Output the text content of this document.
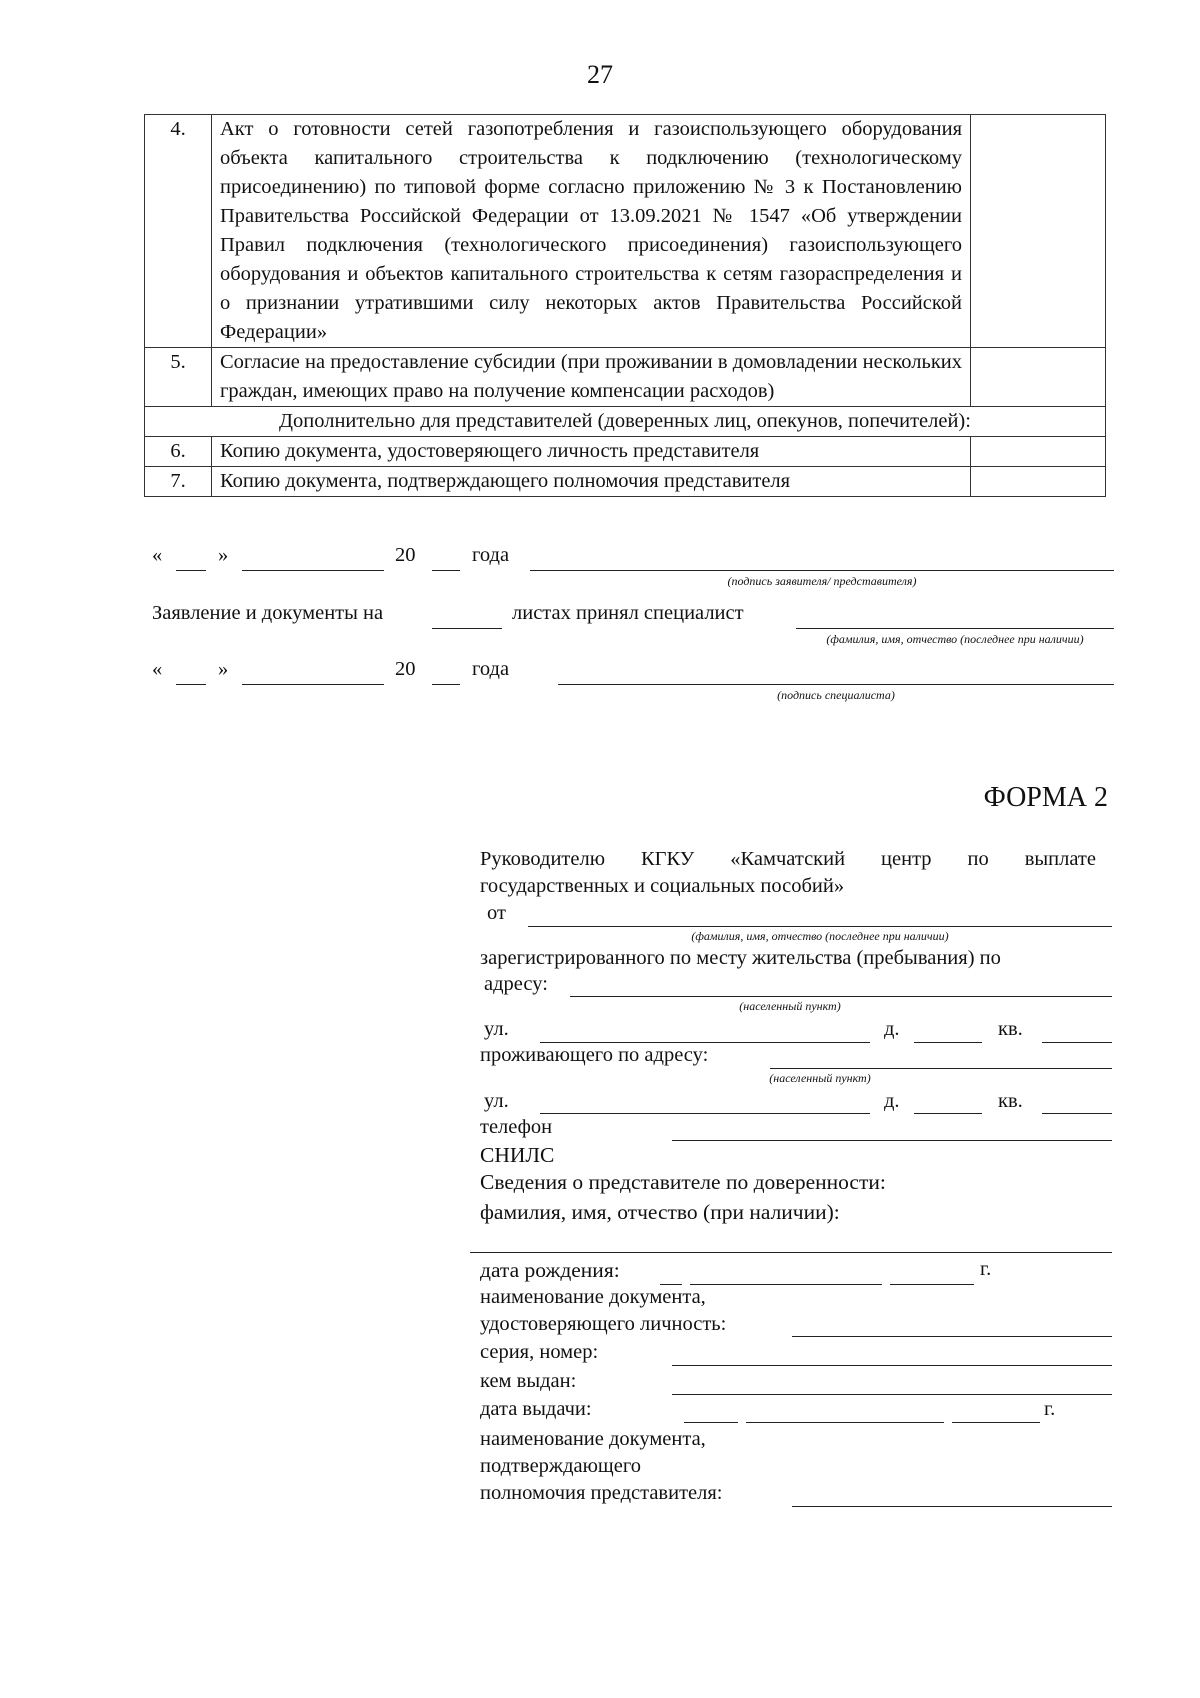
27
4.	Акт о готовности сетей газопотребления и газоиспользующего оборудования объекта капитального строительства к подключению (технологическому присоединению) по типовой форме согласно приложению № 3 к Постановлению Правительства Российской Федерации от 13.09.2021 № 1547 «Об утверждении Правил подключения (технологического присоединения) газоиспользующего оборудования и объектов капитального строительства к сетям газораспределения и о признании утратившими силу некоторых актов Правительства Российской Федерации»	
5.	Согласие на предоставление субсидии (при проживании в домовладении нескольких граждан, имеющих право на получение компенсации расходов)	
Дополнительно для представителей (доверенных лиц, опекунов, попечителей):		
6.	Копию документа, удостоверяющего личность представителя	
7.	Копию документа, подтверждающего полномочия представителя	
«	»	20	года
(подпись заявителя/ представителя)
Заявление и документы на	листах принял специалист
(фамилия, имя, отчество (последнее при наличии)
«	»	20	года
(подпись специалиста)
ФОРМА 2
Руководителю КГКУ «Камчатский центр по выплате
государственных и социальных пособий»
от
(фамилия, имя, отчество (последнее при наличии)
зарегистрированного по месту жительства (пребывания) по
адресу:
(населенный пункт)
ул.	д.	кв.
проживающего по адресу:
(населенный пункт)
ул.	д.	кв.
телефон
СНИЛС
Сведения о представителе по доверенности:
фамилия, имя, отчество (при наличии):
дата рождения:	г.
наименование документа,
удостоверяющего личность:
серия, номер:
кем выдан:
дата выдачи:	г.
наименование документа,
подтверждающего
полномочия представителя:
